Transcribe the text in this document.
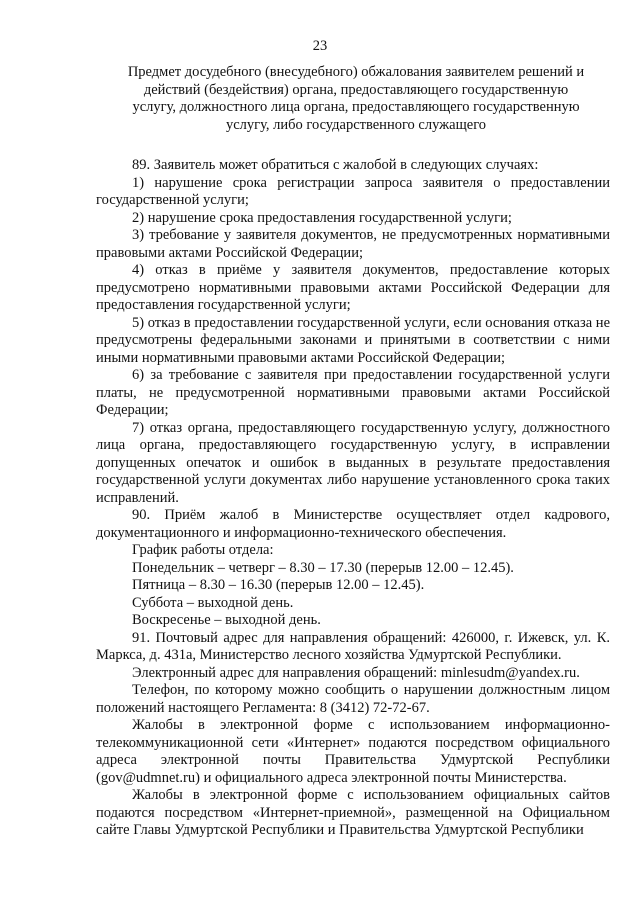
23
Предмет досудебного (внесудебного) обжалования заявителем решений и
действий (бездействия) органа, предоставляющего государственную
услугу, должностного лица органа, предоставляющего государственную
услугу, либо государственного служащего

89. Заявитель может обратиться с жалобой в следующих случаях:

1) нарушение срока регистрации запроса заявителя о предоставлении государственной услуги;

2) нарушение срока предоставления государственной услуги;

3) требование у заявителя документов, не предусмотренных нормативными правовыми актами Российской Федерации;

4) отказ в приёме у заявителя документов, предоставление которых предусмотрено нормативными правовыми актами Российской Федерации для предоставления государственной услуги;

5) отказ в предоставлении государственной услуги, если основания отказа не предусмотрены федеральными законами и принятыми в соответствии с ними иными нормативными правовыми актами Российской Федерации;

6) за требование с заявителя при предоставлении государственной услуги платы, не предусмотренной нормативными правовыми актами Российской Федерации;

7) отказ органа, предоставляющего государственную услугу, должностного лица органа, предоставляющего государственную услугу, в исправлении допущенных опечаток и ошибок в выданных в результате предоставления государственной услуги документах либо нарушение установленного срока таких исправлений.

90. Приём жалоб в Министерстве осуществляет отдел кадрового, документационного и информационно-технического обеспечения.

График работы отдела:

Понедельник – четверг – 8.30 – 17.30 (перерыв 12.00 – 12.45).

Пятница – 8.30 – 16.30 (перерыв 12.00 – 12.45).

Суббота – выходной день.

Воскресенье – выходной день.

91. Почтовый адрес для направления обращений: 426000, г. Ижевск, ул. К. Маркса, д. 431а, Министерство лесного хозяйства Удмуртской Республики.

Электронный адрес для направления обращений: minlesudm@yandex.ru.

Телефон, по которому можно сообщить о нарушении должностным лицом положений настоящего Регламента: 8 (3412) 72-72-67.

Жалобы в электронной форме с использованием информационно-телекоммуникационной сети «Интернет» подаются посредством официального адреса электронной почты Правительства Удмуртской Республики (gov@udmnet.ru) и официального адреса электронной почты Министерства.

Жалобы в электронной форме с использованием официальных сайтов подаются посредством «Интернет-приемной», размещенной на Официальном сайте Главы Удмуртской Республики и Правительства Удмуртской Республики
